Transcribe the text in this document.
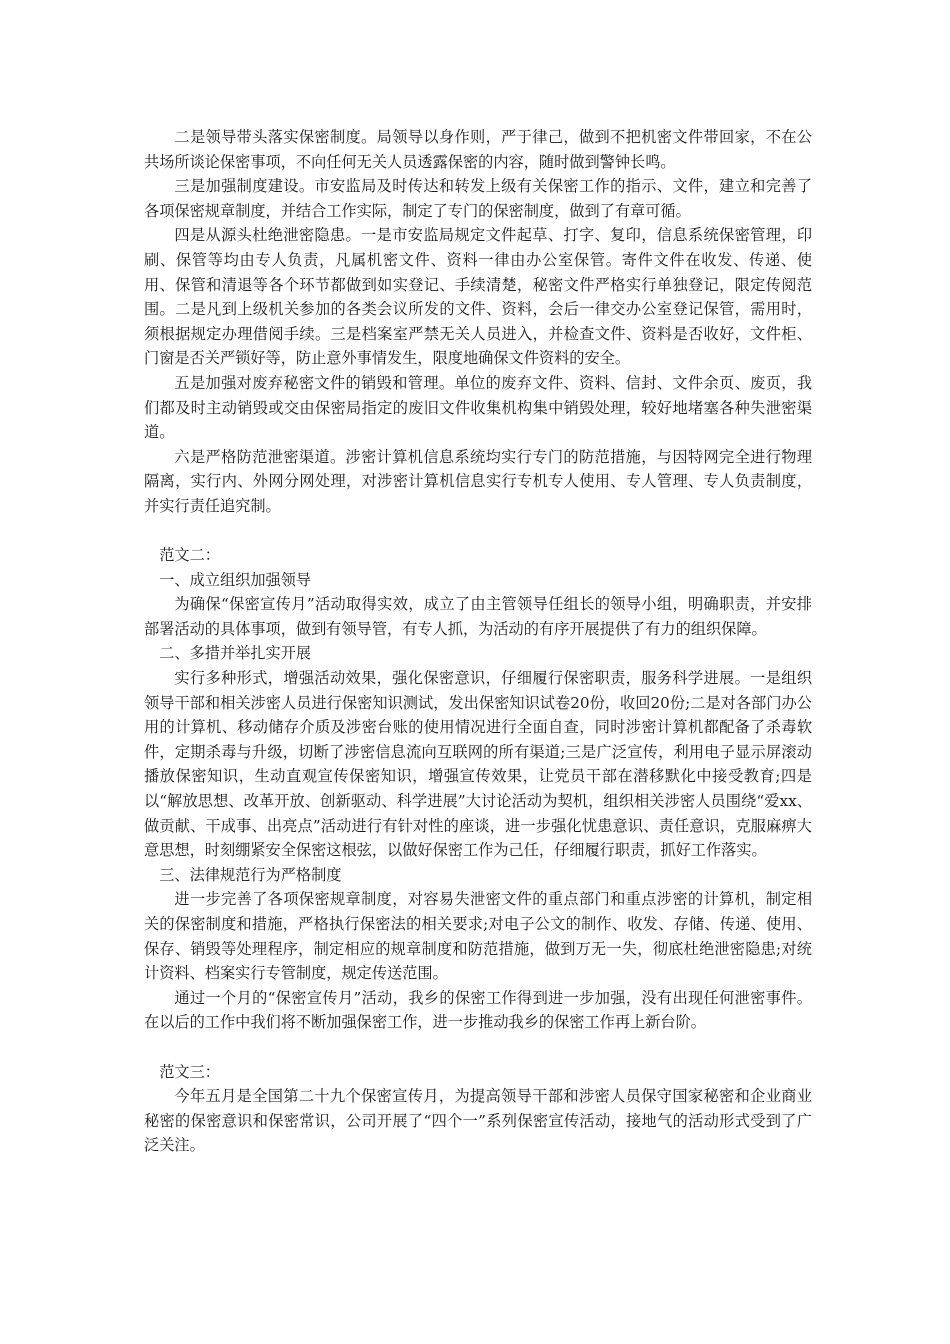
二是领导带头落实保密制度。局领导以身作则，严于律己，做到不把机密文件带回家，不在公共场所谈论保密事项，不向任何无关人员透露保密的内容，随时做到警钟长鸣。

三是加强制度建设。市安监局及时传达和转发上级有关保密工作的指示、文件，建立和完善了各项保密规章制度，并结合工作实际，制定了专门的保密制度，做到了有章可循。

四是从源头杜绝泄密隐患。一是市安监局规定文件起草、打字、复印，信息系统保密管理，印刷、保管等均由专人负责，凡属机密文件、资料一律由办公室保管。寄件文件在收发、传递、使用、保管和清退等各个环节都做到如实登记、手续清楚，秘密文件严格实行单独登记，限定传阅范围。二是凡到上级机关参加的各类会议所发的文件、资料，会后一律交办公室登记保管，需用时，须根据规定办理借阅手续。三是档案室严禁无关人员进入，并检查文件、资料是否收好，文件柜、门窗是否关严锁好等，防止意外事情发生，限度地确保文件资料的安全。

五是加强对废弃秘密文件的销毁和管理。单位的废弃文件、资料、信封、文件余页、废页，我们都及时主动销毁或交由保密局指定的废旧文件收集机构集中销毁处理，较好地堵塞各种失泄密渠道。

六是严格防范泄密渠道。涉密计算机信息系统均实行专门的防范措施，与因特网完全进行物理隔离，实行内、外网分网处理，对涉密计算机信息实行专机专人使用、专人管理、专人负责制度，并实行责任追究制。

范文二：

一、成立组织加强领导

为确保“保密宣传月”活动取得实效，成立了由主管领导任组长的领导小组，明确职责，并安排部署活动的具体事项，做到有领导管，有专人抓，为活动的有序开展提供了有力的组织保障。

二、多措并举扎实开展

实行多种形式，增强活动效果，强化保密意识，仔细履行保密职责，服务科学进展。一是组织领导干部和相关涉密人员进行保密知识测试，发出保密知识试卷20份，收回20份;二是对各部门办公用的计算机、移动储存介质及涉密台账的使用情况进行全面自查，同时涉密计算机都配备了杀毒软件，定期杀毒与升级，切断了涉密信息流向互联网的所有渠道;三是广泛宣传，利用电子显示屏滚动播放保密知识，生动直观宣传保密知识，增强宣传效果，让党员干部在潜移默化中接受教育;四是以“解放思想、改革开放、创新驱动、科学进展”大讨论活动为契机，组织相关涉密人员围绕“爱xx、做贡献、干成事、出亮点”活动进行有针对性的座谈，进一步强化忧患意识、责任意识，克服麻痹大意思想，时刻绷紧安全保密这根弦，以做好保密工作为己任，仔细履行职责，抓好工作落实。

三、法律规范行为严格制度

进一步完善了各项保密规章制度，对容易失泄密文件的重点部门和重点涉密的计算机，制定相关的保密制度和措施，严格执行保密法的相关要求;对电子公文的制作、收发、存储、传递、使用、保存、销毁等处理程序，制定相应的规章制度和防范措施，做到万无一失，彻底杜绝泄密隐患;对统计资料、档案实行专管制度，规定传送范围。

通过一个月的“保密宣传月”活动，我乡的保密工作得到进一步加强，没有出现任何泄密事件。在以后的工作中我们将不断加强保密工作，进一步推动我乡的保密工作再上新台阶。

范文三：

今年五月是全国第二十九个保密宣传月，为提高领导干部和涉密人员保守国家秘密和企业商业秘密的保密意识和保密常识，公司开展了“四个一”系列保密宣传活动，接地气的活动形式受到了广泛关注。
